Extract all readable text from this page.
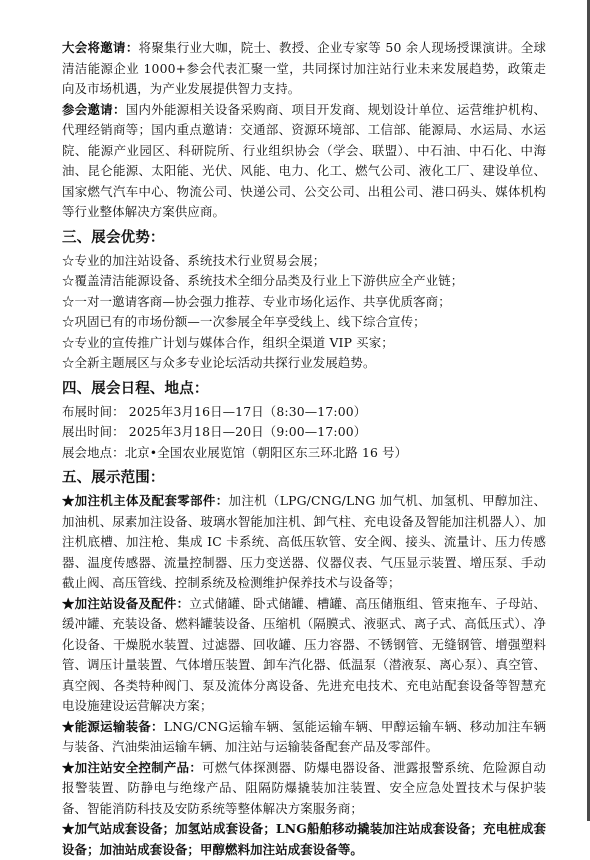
大会将邀请：将聚集行业大咖，院士、教授、企业专家等 50 余人现场授课演讲。全球清洁能源企业 1000+参会代表汇聚一堂，共同探讨加注站行业未来发展趋势，政策走向及市场机遇，为产业发展提供智力支持。

参会邀请：国内外能源相关设备采购商、项目开发商、规划设计单位、运营维护机构、代理经销商等；国内重点邀请：交通部、资源环境部、工信部、能源局、水运局、水运院、能源产业园区、科研院所、行业组织协会（学会、联盟）、中石油、中石化、中海油、昆仑能源、太阳能、光伏、风能、电力、化工、燃气公司、液化工厂、建设单位、国家燃气汽车中心、物流公司、快递公司、公交公司、出租公司、港口码头、媒体机构等行业整体解决方案供应商。

三、展会优势：

☆专业的加注站设备、系统技术行业贸易会展；

☆覆盖清洁能源设备、系统技术全细分品类及行业上下游供应全产业链；

☆一对一邀请客商—协会强力推荐、专业市场化运作、共享优质客商；

☆巩固已有的市场份额—一次参展全年享受线上、线下综合宣传；

☆专业的宣传推广计划与媒体合作，组织全渠道 VIP 买家；

☆全新主题展区与众多专业论坛活动共探行业发展趋势。

四、展会日程、地点：

布展时间： 2025年3月16日—17日（8:30—17:00）

展出时间： 2025年3月18日—20日（9:00—17:00）

展会地点：北京•全国农业展览馆（朝阳区东三环北路 16 号）

五、展示范围：

★加注机主体及配套零部件：加注机（LPG/CNG/LNG 加气机、加氢机、甲醇加注、加油机、尿素加注设备、玻璃水智能加注机、卸气柱、充电设备及智能加注机器人）、加注机底槽、加注枪、集成 IC 卡系统、高低压软管、安全阀、接头、流量计、压力传感器、温度传感器、流量控制器、压力变送器、仪器仪表、气压显示装置、增压泵、手动截止阀、高压管线、控制系统及检测维护保养技术与设备等；

★加注站设备及配件：立式储罐、卧式储罐、槽罐、高压储瓶组、管束拖车、子母站、缓冲罐、充装设备、燃料罐装设备、压缩机（隔膜式、液驱式、离子式、高低压式）、净化设备、干燥脱水装置、过滤器、回收罐、压力容器、不锈钢管、无缝钢管、增强塑料管、调压计量装置、气体增压装置、卸车汽化器、低温泵（潜液泵、离心泵）、真空管、真空阀、各类特种阀门、泵及流体分离设备、先进充电技术、充电站配套设备等智慧充电设施建设运营解决方案；

★能源运输装备：LNG/CNG运输车辆、氢能运输车辆、甲醇运输车辆、移动加注车辆与装备、汽油柴油运输车辆、加注站与运输装备配套产品及零部件。

★加注站安全控制产品：可燃气体探测器、防爆电器设备、泄露报警系统、危险源自动报警装置、防静电与绝缘产品、阻隔防爆撬装加注装置、安全应急处置技术与保护装备、智能消防科技及安防系统等整体解决方案服务商；

★加气站成套设备；加氢站成套设备；LNG船舶移动撬装加注站成套设备；充电桩成套设备；加油站成套设备；甲醇燃料加注站成套设备等。
